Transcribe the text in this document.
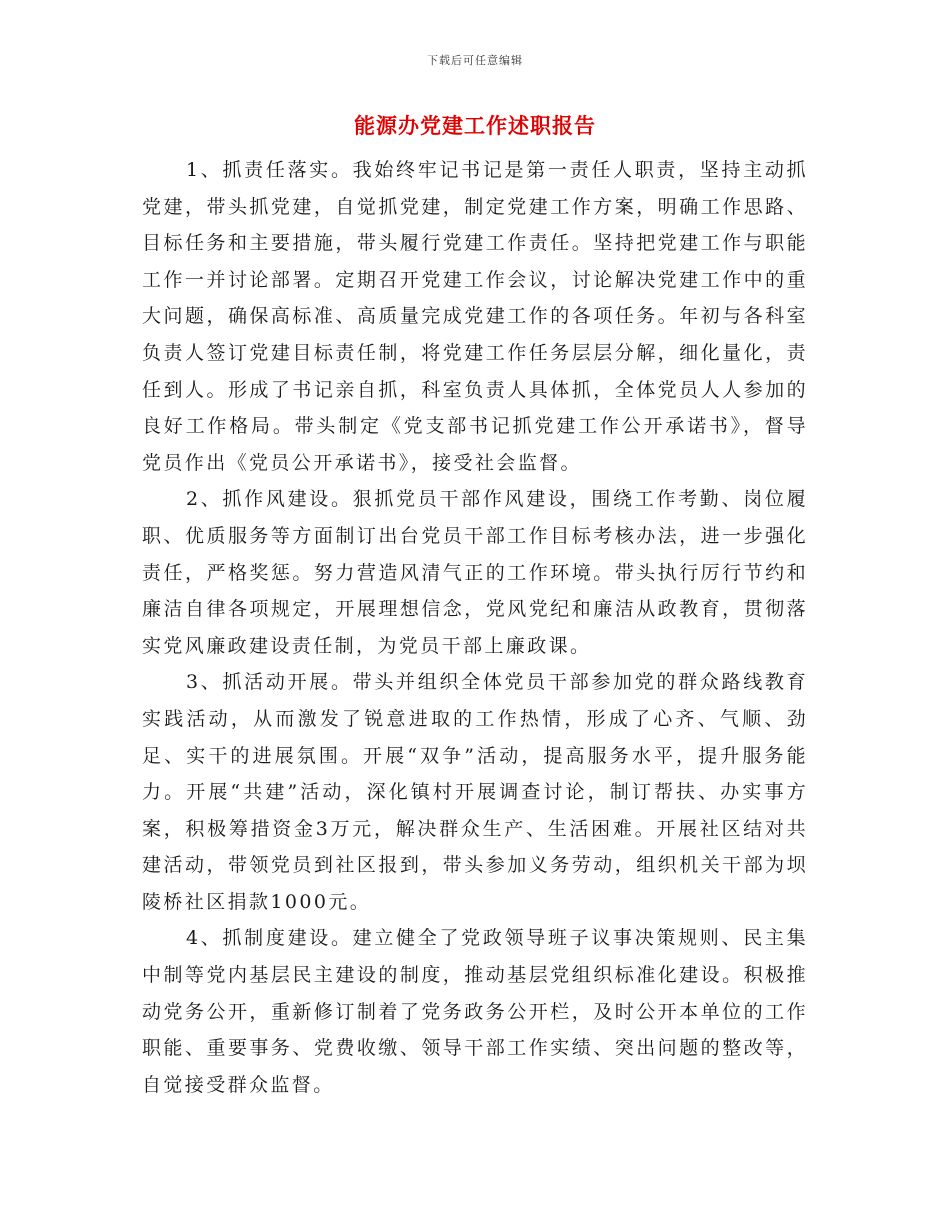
下载后可任意编辑
能源办党建工作述职报告

1、抓责任落实。我始终牢记书记是第一责任人职责，坚持主动抓党建，带头抓党建，自觉抓党建，制定党建工作方案，明确工作思路、目标任务和主要措施，带头履行党建工作责任。坚持把党建工作与职能工作一并讨论部署。定期召开党建工作会议，讨论解决党建工作中的重大问题，确保高标准、高质量完成党建工作的各项任务。年初与各科室负责人签订党建目标责任制，将党建工作任务层层分解，细化量化，责任到人。形成了书记亲自抓，科室负责人具体抓，全体党员人人参加的良好工作格局。带头制定《党支部书记抓党建工作公开承诺书》，督导党员作出《党员公开承诺书》，接受社会监督。

2、抓作风建设。狠抓党员干部作风建设，围绕工作考勤、岗位履职、优质服务等方面制订出台党员干部工作目标考核办法，进一步强化责任，严格奖惩。努力营造风清气正的工作环境。带头执行厉行节约和廉洁自律各项规定，开展理想信念，党风党纪和廉洁从政教育，贯彻落实党风廉政建设责任制，为党员干部上廉政课。

3、抓活动开展。带头并组织全体党员干部参加党的群众路线教育实践活动，从而激发了锐意进取的工作热情，形成了心齐、气顺、劲足、实干的进展氛围。开展“双争”活动，提高服务水平，提升服务能力。开展“共建”活动，深化镇村开展调查讨论，制订帮扶、办实事方案，积极筹措资金3万元，解决群众生产、生活困难。开展社区结对共建活动，带领党员到社区报到，带头参加义务劳动，组织机关干部为坝陵桥社区捐款1000元。

4、抓制度建设。建立健全了党政领导班子议事决策规则、民主集中制等党内基层民主建设的制度，推动基层党组织标准化建设。积极推动党务公开，重新修订制着了党务政务公开栏，及时公开本单位的工作职能、重要事务、党费收缴、领导干部工作实绩、突出问题的整改等，自觉接受群众监督。
